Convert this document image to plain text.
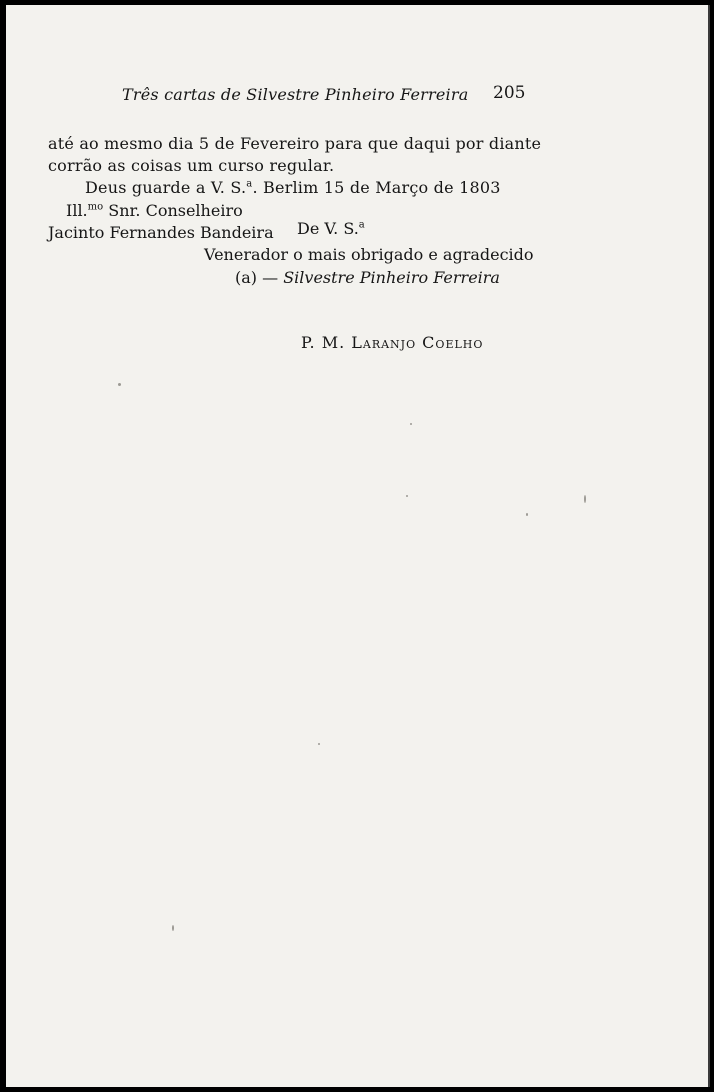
Três cartas de Silvestre Pinheiro Ferreira 205
até ao mesmo dia 5 de Fevereiro para que daqui por diante
corrão as coisas um curso regular.
Deus guarde a V. S.$^a$. Berlim 15 de Março de 1803
Ill.$^{mo}$ Snr. Conselheiro
Jacinto Fernandes Bandeira De V. S.$^a$
Venerador o mais obrigado e agradecido
(a) — Silvestre Pinheiro Ferreira
P. M. Laranjo Coelho
